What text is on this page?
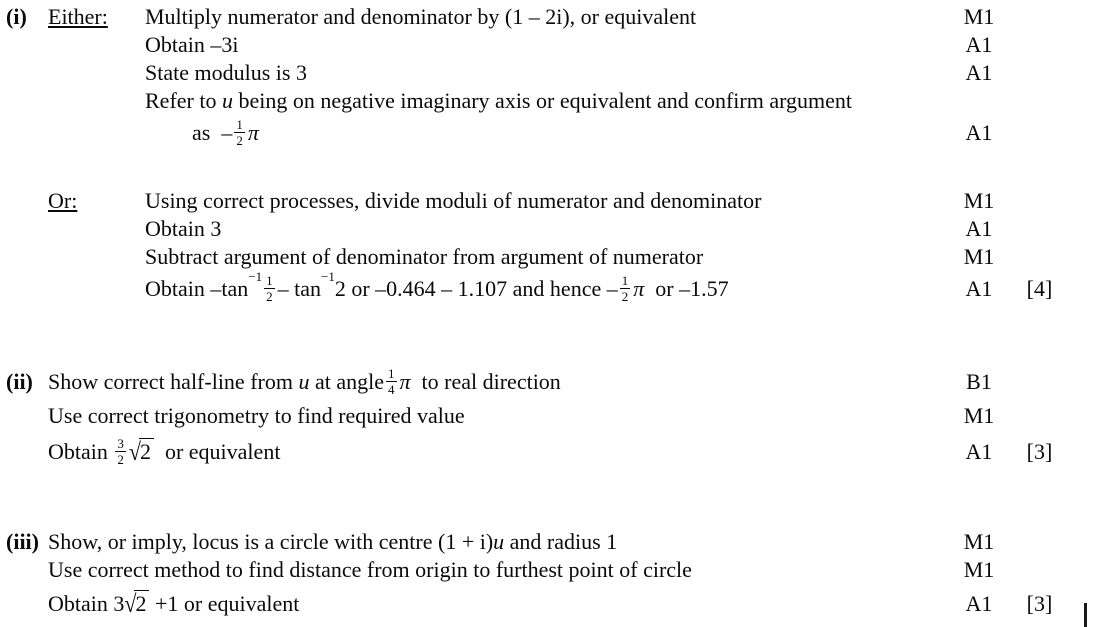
(i) Either:	Multiply numerator and denominator by (1 – 2i), or equivalent	M1
Obtain –3i	A1
State modulus is 3	A1
Refer to u being on negative imaginary axis or equivalent and confirm argument
as – $\frac{1}{2}$ π	A1
Or:	Using correct processes, divide moduli of numerator and denominator	M1
Obtain 3	A1
Subtract argument of denominator from argument of numerator	M1
Obtain $-\tan^{-1} \frac{1}{2} - \tan^{-1}2$ or –0.464 – 1.107 and hence – $\frac{1}{2}$ π or –1.57	A1	[4]
(ii) Show correct half-line from u at angle $\frac{1}{4}$ π to real direction	B1
Use correct trigonometry to find required value	M1
Obtain $\frac{3}{2} √2$ or equivalent	A1	[3]
(iii) Show, or imply, locus is a circle with centre (1 + i)u and radius 1	M1
Use correct method to find distance from origin to furthest point of circle	M1
Obtain 3√2 +1 or equivalent	A1	[3]
